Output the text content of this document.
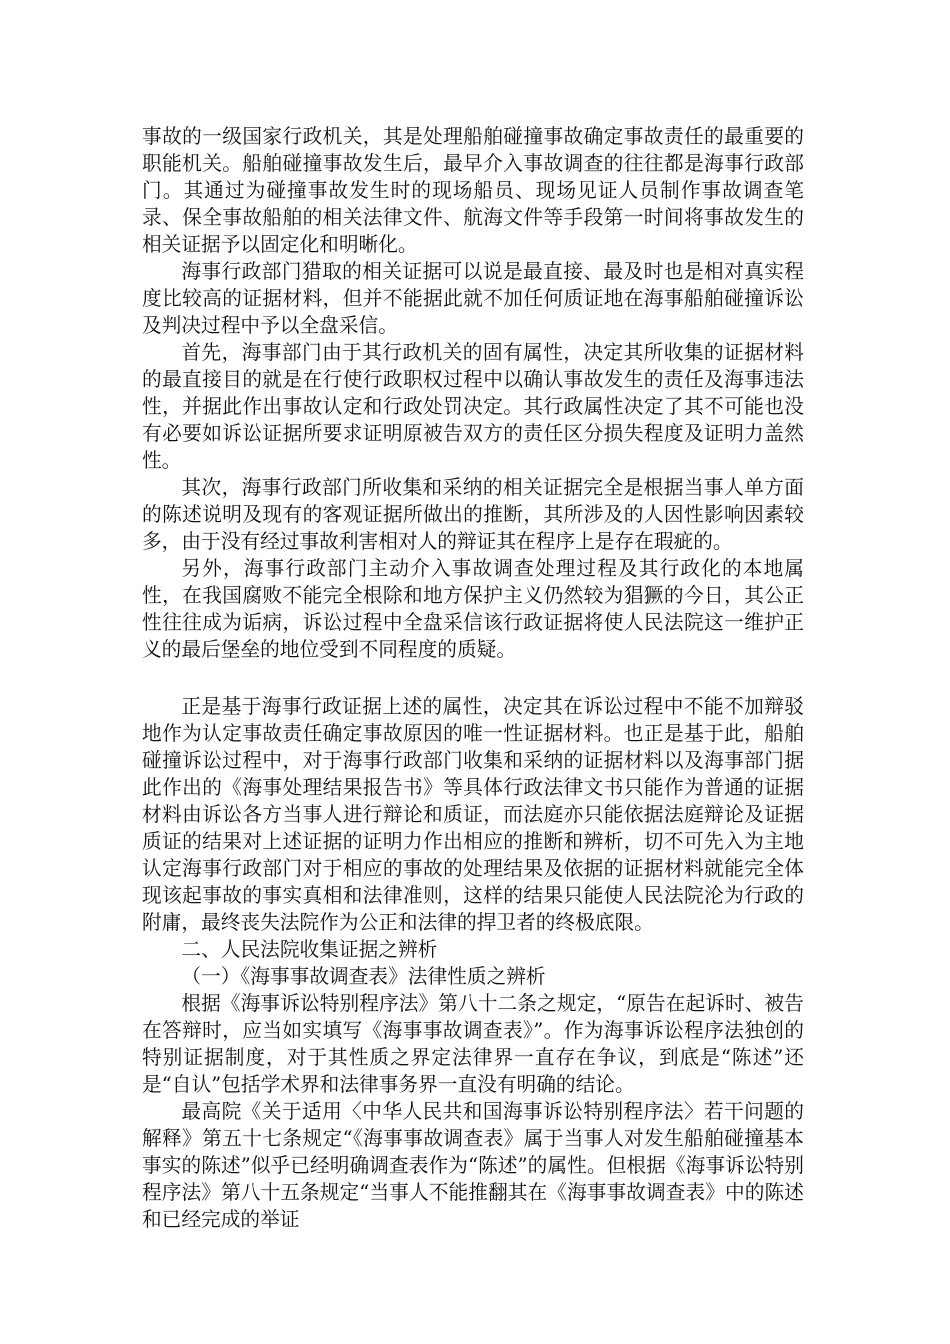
事故的一级国家行政机关，其是处理船舶碰撞事故确定事故责任的最重要的职能机关。船舶碰撞事故发生后，最早介入事故调查的往往都是海事行政部门。其通过为碰撞事故发生时的现场船员、现场见证人员制作事故调查笔录、保全事故船舶的相关法律文件、航海文件等手段第一时间将事故发生的相关证据予以固定化和明晰化。

海事行政部门猎取的相关证据可以说是最直接、最及时也是相对真实程度比较高的证据材料，但并不能据此就不加任何质证地在海事船舶碰撞诉讼及判决过程中予以全盘采信。

首先，海事部门由于其行政机关的固有属性，决定其所收集的证据材料的最直接目的就是在行使行政职权过程中以确认事故发生的责任及海事违法性，并据此作出事故认定和行政处罚决定。其行政属性决定了其不可能也没有必要如诉讼证据所要求证明原被告双方的责任区分损失程度及证明力盖然性。

其次，海事行政部门所收集和采纳的相关证据完全是根据当事人单方面的陈述说明及现有的客观证据所做出的推断，其所涉及的人因性影响因素较多，由于没有经过事故利害相对人的辩证其在程序上是存在瑕疵的。

另外，海事行政部门主动介入事故调查处理过程及其行政化的本地属性，在我国腐败不能完全根除和地方保护主义仍然较为猖獗的今日，其公正性往往成为诟病，诉讼过程中全盘采信该行政证据将使人民法院这一维护正义的最后堡垒的地位受到不同程度的质疑。

正是基于海事行政证据上述的属性，决定其在诉讼过程中不能不加辩驳地作为认定事故责任确定事故原因的唯一性证据材料。也正是基于此，船舶碰撞诉讼过程中，对于海事行政部门收集和采纳的证据材料以及海事部门据此作出的《海事处理结果报告书》等具体行政法律文书只能作为普通的证据材料由诉讼各方当事人进行辩论和质证，而法庭亦只能依据法庭辩论及证据质证的结果对上述证据的证明力作出相应的推断和辨析，切不可先入为主地认定海事行政部门对于相应的事故的处理结果及依据的证据材料就能完全体现该起事故的事实真相和法律准则，这样的结果只能使人民法院沦为行政的附庸，最终丧失法院作为公正和法律的捍卫者的终极底限。

二、人民法院收集证据之辨析

（一）《海事事故调查表》法律性质之辨析

根据《海事诉讼特别程序法》第八十二条之规定，“原告在起诉时、被告在答辩时，应当如实填写《海事事故调查表》”。作为海事诉讼程序法独创的特别证据制度，对于其性质之界定法律界一直存在争议，到底是“陈述”还是“自认”包括学术界和法律事务界一直没有明确的结论。

最高院《关于适用〈中华人民共和国海事诉讼特别程序法〉若干问题的解释》第五十七条规定“《海事事故调查表》属于当事人对发生船舶碰撞基本事实的陈述”似乎已经明确调查表作为“陈述”的属性。但根据《海事诉讼特别程序法》第八十五条规定“当事人不能推翻其在《海事事故调查表》中的陈述和已经完成的举证
